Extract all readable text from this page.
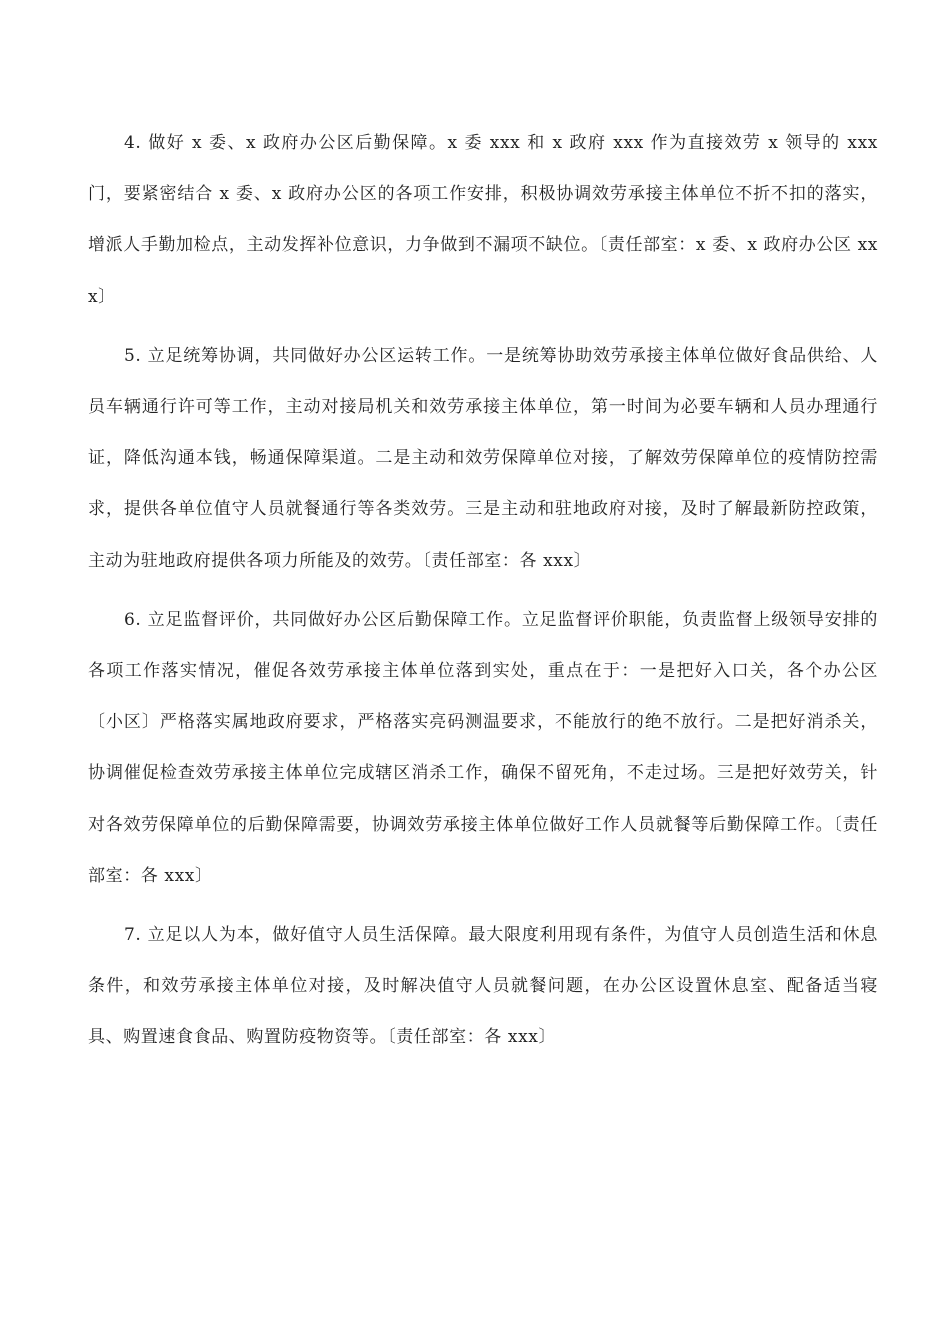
4. 做好 x 委、x 政府办公区后勤保障。x 委 xxx 和 x 政府 xxx 作为直接效劳 x 领导的 xxx 门，要紧密结合 x 委、x 政府办公区的各项工作安排，积极协调效劳承接主体单位不折不扣的落实，增派人手勤加检点，主动发挥补位意识，力争做到不漏项不缺位。〔责任部室：x 委、x 政府办公区 xxx〕

5. 立足统筹协调，共同做好办公区运转工作。一是统筹协助效劳承接主体单位做好食品供给、人员车辆通行许可等工作，主动对接局机关和效劳承接主体单位，第一时间为必要车辆和人员办理通行证，降低沟通本钱，畅通保障渠道。二是主动和效劳保障单位对接，了解效劳保障单位的疫情防控需求，提供各单位值守人员就餐通行等各类效劳。三是主动和驻地政府对接，及时了解最新防控政策，主动为驻地政府提供各项力所能及的效劳。〔责任部室：各 xxx〕

6. 立足监督评价，共同做好办公区后勤保障工作。立足监督评价职能，负责监督上级领导安排的各项工作落实情况，催促各效劳承接主体单位落到实处，重点在于：一是把好入口关，各个办公区〔小区〕严格落实属地政府要求，严格落实亮码测温要求，不能放行的绝不放行。二是把好消杀关，协调催促检查效劳承接主体单位完成辖区消杀工作，确保不留死角，不走过场。三是把好效劳关，针对各效劳保障单位的后勤保障需要，协调效劳承接主体单位做好工作人员就餐等后勤保障工作。〔责任部室：各 xxx〕

7. 立足以人为本，做好值守人员生活保障。最大限度利用现有条件，为值守人员创造生活和休息条件，和效劳承接主体单位对接，及时解决值守人员就餐问题，在办公区设置休息室、配备适当寝具、购置速食食品、购置防疫物资等。〔责任部室：各 xxx〕
